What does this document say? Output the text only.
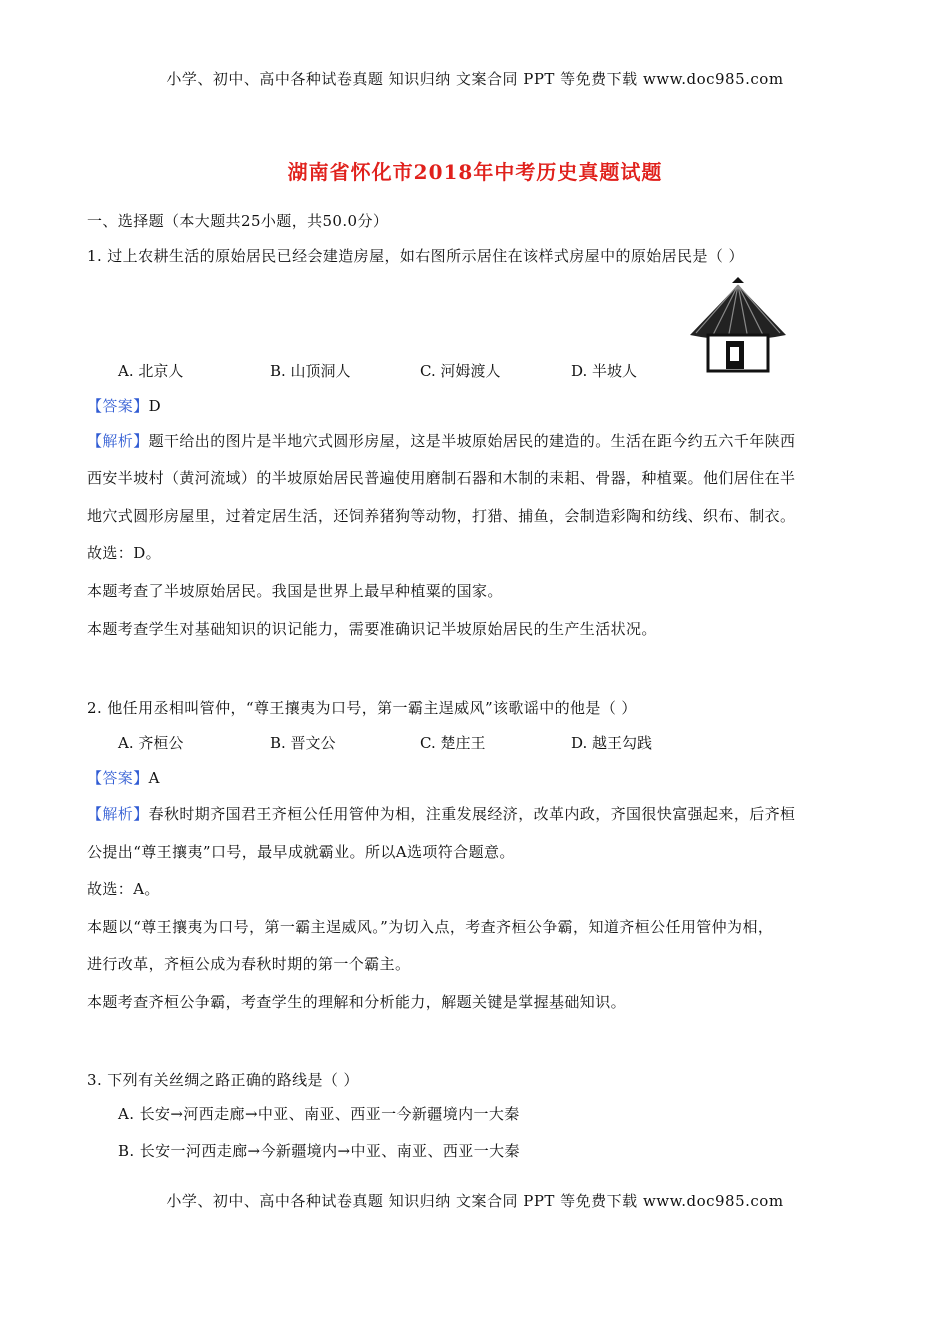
小学、初中、高中各种试卷真题 知识归纳 文案合同 PPT 等免费下载 www.doc985.com
湖南省怀化市2018年中考历史真题试题
一、选择题（本大题共25小题，共50.0分）
1. 过上农耕生活的原始居民已经会建造房屋，如右图所示居住在该样式房屋中的原始居民是（ ）
A. 北京人	B. 山顶洞人	C. 河姆渡人	D. 半坡人
【答案】D
【解析】题干给出的图片是半地穴式圆形房屋，这是半坡原始居民的建造的。生活在距今约五六千年陕西
西安半坡村（黄河流域）的半坡原始居民普遍使用磨制石器和木制的耒耜、骨器，种植粟。他们居住在半
地穴式圆形房屋里，过着定居生活，还饲养猪狗等动物，打猎、捕鱼，会制造彩陶和纺线、织布、制衣。
故选：D。
本题考查了半坡原始居民。我国是世界上最早种植粟的国家。
本题考查学生对基础知识的识记能力，需要准确识记半坡原始居民的生产生活状况。
2. 他任用丞相叫管仲，“尊王攘夷为口号，第一霸主逞威风”该歌谣中的他是（ ）
A. 齐桓公	B. 晋文公	C. 楚庄王	D. 越王勾践
【答案】A
【解析】春秋时期齐国君王齐桓公任用管仲为相，注重发展经济，改革内政，齐国很快富强起来，后齐桓
公提出“尊王攘夷”口号，最早成就霸业。所以A选项符合题意。
故选：A。
本题以“尊王攘夷为口号，第一霸主逞威风。”为切入点，考查齐桓公争霸，知道齐桓公任用管仲为相，
进行改革，齐桓公成为春秋时期的第一个霸主。
本题考查齐桓公争霸，考查学生的理解和分析能力，解题关键是掌握基础知识。
3. 下列有关丝绸之路正确的路线是（ ）
A. 长安→河西走廊→中亚、南亚、西亚一今新疆境内一大秦
B. 长安一河西走廊→今新疆境内→中亚、南亚、西亚一大秦
小学、初中、高中各种试卷真题 知识归纳 文案合同 PPT 等免费下载 www.doc985.com
